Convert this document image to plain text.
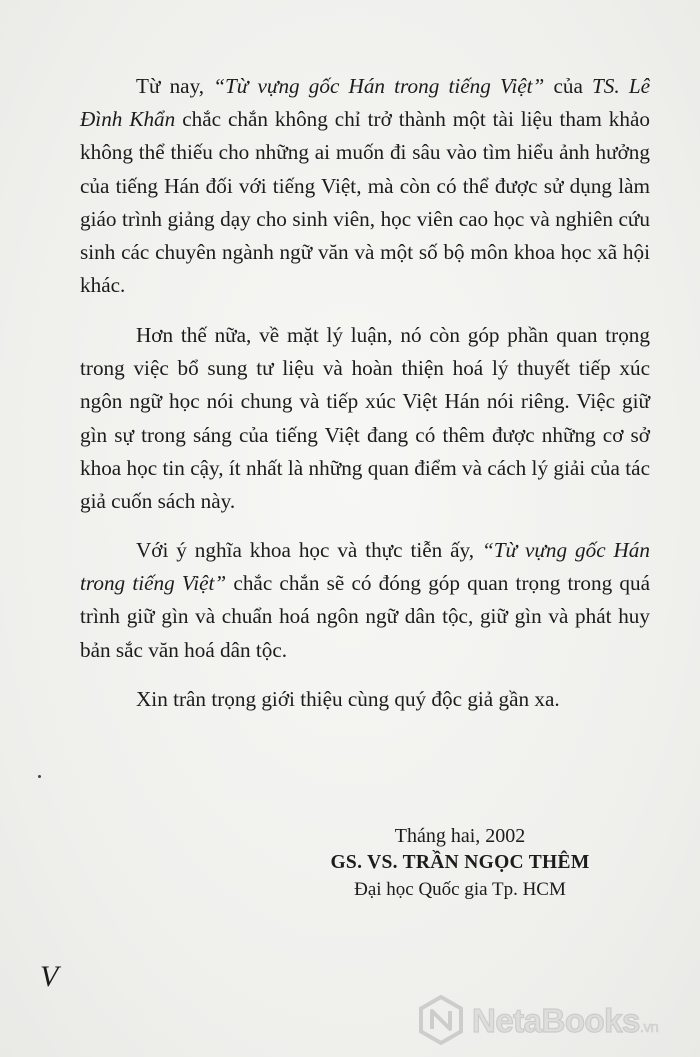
Từ nay, “Từ vựng gốc Hán trong tiếng Việt” của TS. Lê Đình Khẩn chắc chắn không chỉ trở thành một tài liệu tham khảo không thể thiếu cho những ai muốn đi sâu vào tìm hiểu ảnh hưởng của tiếng Hán đối với tiếng Việt, mà còn có thể được sử dụng làm giáo trình giảng dạy cho sinh viên, học viên cao học và nghiên cứu sinh các chuyên ngành ngữ văn và một số bộ môn khoa học xã hội khác.

Hơn thế nữa, về mặt lý luận, nó còn góp phần quan trọng trong việc bổ sung tư liệu và hoàn thiện hoá lý thuyết tiếp xúc ngôn ngữ học nói chung và tiếp xúc Việt Hán nói riêng. Việc giữ gìn sự trong sáng của tiếng Việt đang có thêm được những cơ sở khoa học tin cậy, ít nhất là những quan điểm và cách lý giải của tác giả cuốn sách này.

Với ý nghĩa khoa học và thực tiễn ấy, “Từ vựng gốc Hán trong tiếng Việt” chắc chắn sẽ có đóng góp quan trọng trong quá trình giữ gìn và chuẩn hoá ngôn ngữ dân tộc, giữ gìn và phát huy bản sắc văn hoá dân tộc.

Xin trân trọng giới thiệu cùng quý độc giả gần xa.

Tháng hai, 2002

GS. VS. TRẦN NGỌC THÊM

Đại học Quốc gia Tp. HCM

V

NetaBooks.vn
